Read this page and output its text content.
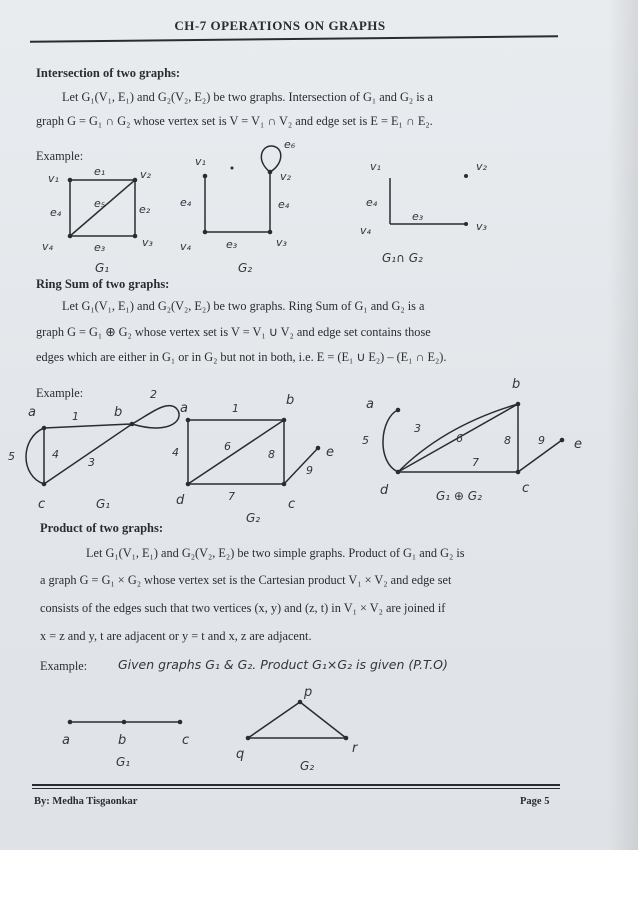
CH-7 OPERATIONS ON GRAPHS
Intersection of two graphs:
Let G₁(V₁, E₁) and G₂(V₂, E₂) be two graphs. Intersection of G₁ and G₂ is a
graph G = G₁ ∩ G₂ whose vertex set is V = V₁ ∩ V₂ and edge set is E = E₁ ∩ E₂.
Example:
v₁	v₂
v₃
v₄
e₁
e₂
e₃
e₄
e₅
G₁
v₁
v₂
v₃
v₄	e₃
e₄	e₄
e₆
G₂
v₁	v₂
v₃
v₄
e₄
e₃
G₁∩ G₂
Ring Sum of two graphs:
Let G₁(V₁, E₁) and G₂(V₂, E₂) be two graphs. Ring Sum of G₁ and G₂ is a
graph G = G₁ ⊕ G₂ whose vertex set is V = V₁ ∪ V₂ and edge set contains those
edges which are either in G₁ or in G₂ but not in both, i.e. E = (E₁ ∪ E₂) – (E₁ ∩ E₂).
Example:
a	b
c
1
2
3
4
5
G₁
a
b
c
d
e
1
4	6
7
8
9
G₂
a
b
c
d
e
3
5	6
7
8 9
G₁ ⊕ G₂
Product of two graphs:
Let G₁(V₁, E₁) and G₂(V₂, E₂) be two simple graphs. Product of G₁ and G₂ is
a graph G = G₁ × G₂ whose vertex set is the Cartesian product V₁ × V₂ and edge set
consists of the edges such that two vertices (x, y) and (z, t) in V₁ × V₂ are joined if
x = z and y, t are adjacent or y = t and x, z are adjacent.
Example: Given graphs G₁ & G₂. Product G₁×G₂ is given (P.T.O)
a	b	c
G₁
p
q	r
G₂
By: Medha Tisgaonkar	Page 5
